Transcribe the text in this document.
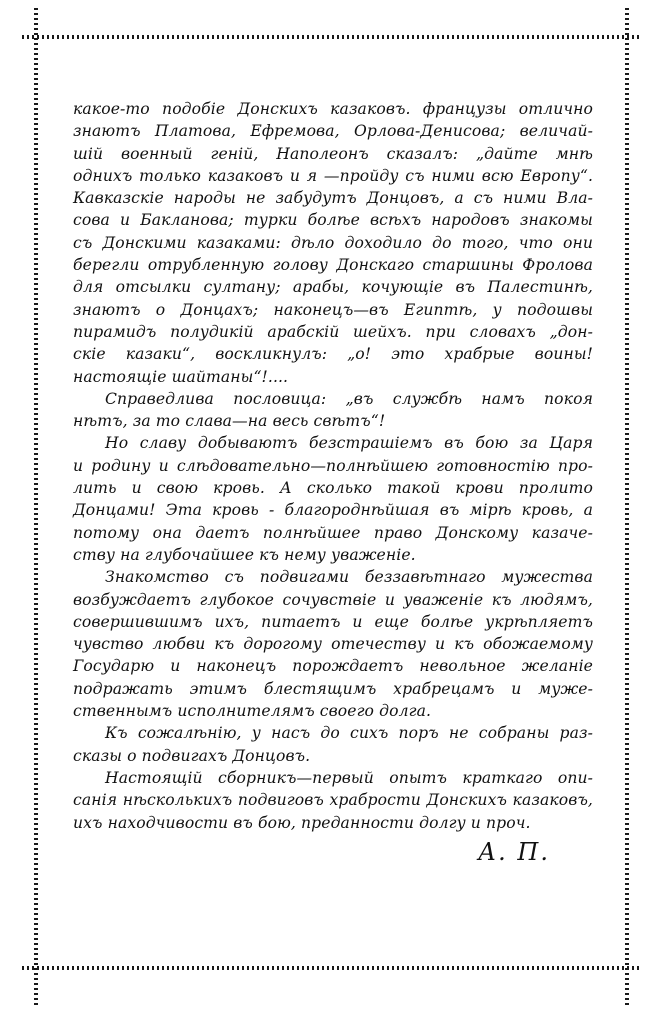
какое-то подобіе Донскихъ казаковъ. французы отлично
знаютъ Платова, Ефремова, Орлова-Денисова; величай-
шій военный геній, Наполеонъ сказалъ: „дайте мнѣ
однихъ только казаковъ и я —пройду съ ними всю Европу“.
Кавказскіе народы не забудутъ Донцовъ, а съ ними Вла-
сова и Бакланова; турки болѣе всѣхъ народовъ знакомы
съ Донскими казаками: дѣло доходило до того, что они
берегли отрубленную голову Донскаго старшины Фролова
для отсылки султану; арабы, кочующіе въ Палестинѣ,
знаютъ о Донцахъ; наконецъ—въ Египтѣ, у подошвы
пирамидъ полудикій арабскій шейхъ. при словахъ „дон-
скіе казаки“, воскликнулъ: „о! это храбрые воины!
настоящіе шайтаны“!....

Справедлива пословица: „въ службѣ намъ покоя
нѣтъ, за то слава—на весь свѣтъ“!

Но славу добываютъ безстрашіемъ въ бою за Царя
и родину и слѣдовательно—полнѣйшею готовностію про-
лить и свою кровь. А сколько такой крови пролито
Донцами! Эта кровь - благороднѣйшая въ мірѣ кровь, а
потому она даетъ полнѣйшее право Донскому казаче-
ству на глубочайшее къ нему уваженіе.

Знакомство съ подвигами беззавѣтнаго мужества
возбуждаетъ глубокое сочувствіе и уваженіе къ людямъ,
совершившимъ ихъ, питаетъ и еще болѣе укрѣпляетъ
чувство любви къ дорогому отечеству и къ обожаемому
Государю и наконецъ порождаетъ невольное желаніе
подражать этимъ блестящимъ храбрецамъ и муже-
ственнымъ исполнителямъ своего долга.

Къ сожалѣнію, у насъ до сихъ поръ не собраны раз-
сказы о подвигахъ Донцовъ.

Настоящій сборникъ—первый опытъ краткаго опи-
санія нѣсколькихъ подвиговъ храбрости Донскихъ казаковъ,
ихъ находчивости въ бою, преданности долгу и проч.

А. П.
